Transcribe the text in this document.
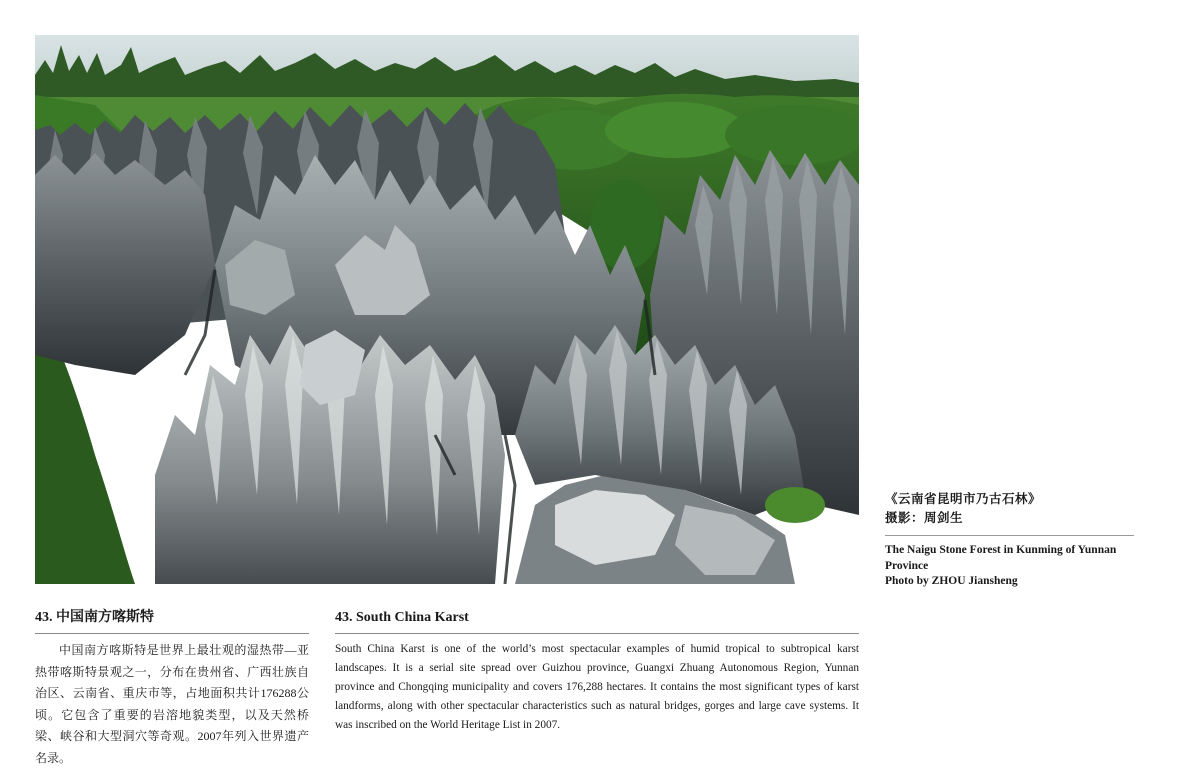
《云南省昆明市乃古石林》
摄影：周剑生
The Naigu Stone Forest in Kunming of Yunnan Province
Photo by ZHOU Jiansheng
43. 中国南方喀斯特

中国南方喀斯特是世界上最壮观的湿热带—亚热带喀斯特景观之一，分布在贵州省、广西壮族自治区、云南省、重庆市等，占地面积共计176288公顷。它包含了重要的岩溶地貌类型，以及天然桥梁、峡谷和大型洞穴等奇观。2007年列入世界遗产名录。

43. South China Karst

South China Karst is one of the world’s most spectacular examples of humid tropical to subtropical karst landscapes. It is a serial site spread over Guizhou province, Guangxi Zhuang Autonomous Region, Yunnan province and Chongqing municipality and covers 176,288 hectares. It contains the most significant types of karst landforms, along with other spectacular characteristics such as natural bridges, gorges and large cave systems. It was inscribed on the World Heritage List in 2007.
